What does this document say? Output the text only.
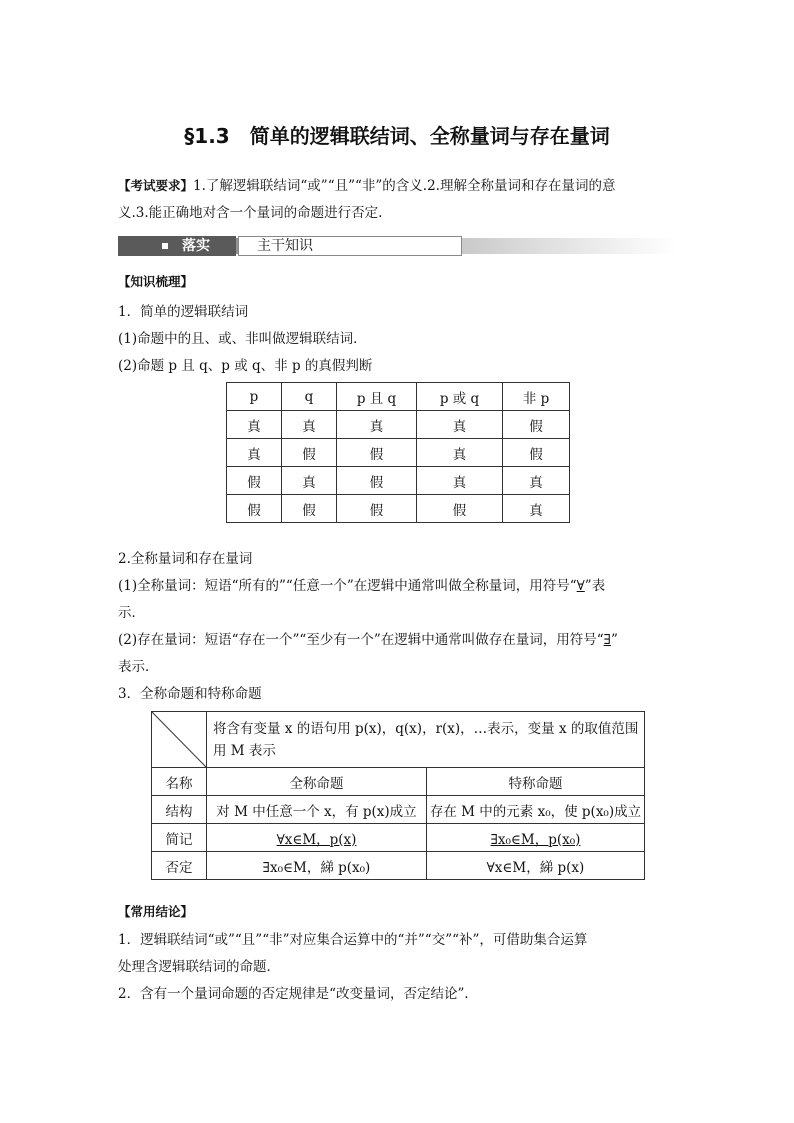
§1.3　简单的逻辑联结词、全称量词与存在量词
【考试要求】1.了解逻辑联结词“或”“且”“非”的含义.2.理解全称量词和存在量词的意
义.3.能正确地对含一个量词的命题进行否定.
落实	主干知识
【知识梳理】
1．简单的逻辑联结词
(1)命题中的且、或、非叫做逻辑联结词．
(2)命题 p 且 q、p 或 q、非 p 的真假判断
p	q	p 且 q	p 或 q	非 p
真	真	真	真	假
真	假	假	真	假
假	真	假	真	真
假	假	假	假	真
2.全称量词和存在量词
(1)全称量词：短语“所有的”“任意一个”在逻辑中通常叫做全称量词，用符号“∀”表
示．
(2)存在量词：短语“存在一个”“至少有一个”在逻辑中通常叫做存在量词，用符号“∃”
表示．
3．全称命题和特称命题

将含有变量 x 的语句用 p(x)，q(x)，r(x)，…表示，变量 x 的取值范围
用 M 表示	

名称	全称命题	特称命题
结构	对 M 中任意一个 x，有 p(x)成立	存在 M 中的元素 x₀，使 p(x₀)成立
简记	∀x∈M，p(x)	∃x₀∈M，p(x₀)
否定	∃x₀∈M，綈 p(x₀)	∀x∈M，綈 p(x)
【常用结论】
1．逻辑联结词“或”“且”“非”对应集合运算中的“并”“交”“补”，可借助集合运算
处理含逻辑联结词的命题．
2．含有一个量词命题的否定规律是“改变量词，否定结论”．
